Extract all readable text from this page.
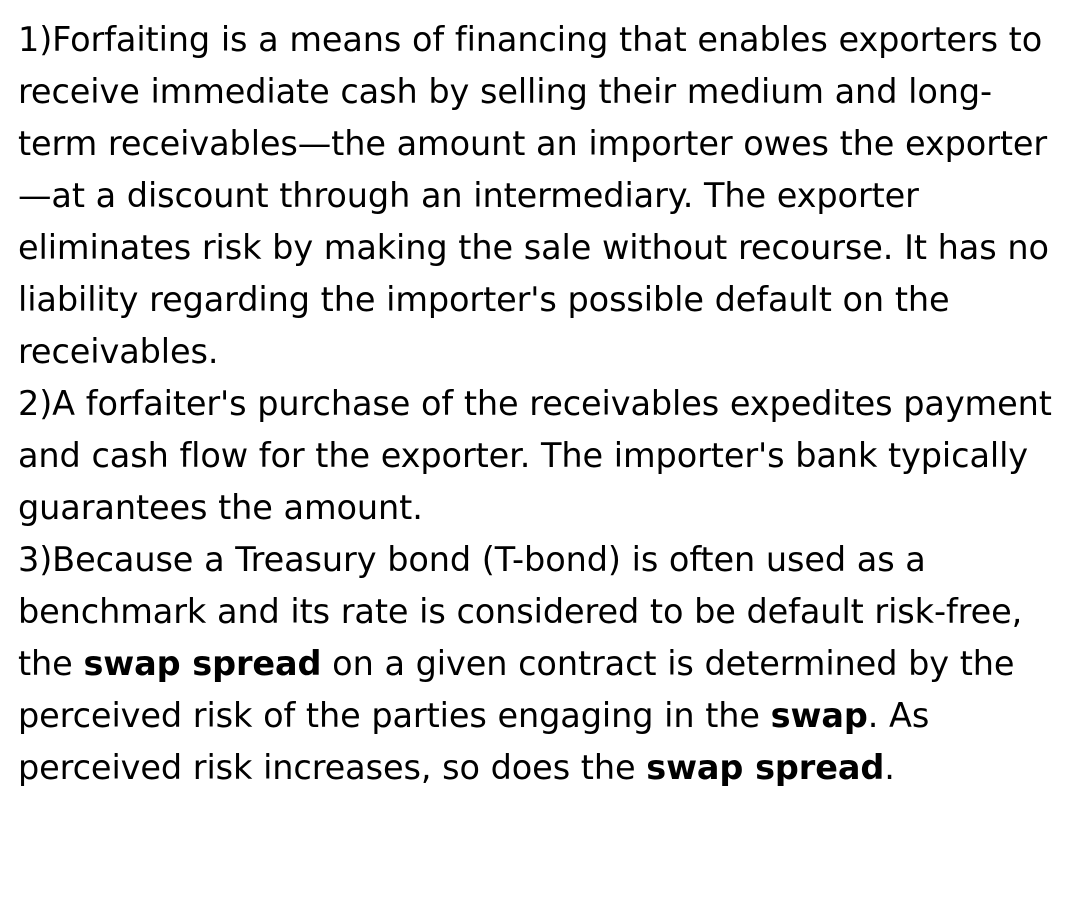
1)Forfaiting is a means of financing that enables exporters to receive immediate cash by selling their medium and long-term receivables—the amount an importer owes the exporter—at a discount through an intermediary. The exporter eliminates risk by making the sale without recourse. It has no liability regarding the importer's possible default on the receivables.
2)A forfaiter's purchase of the receivables expedites payment and cash flow for the exporter. The importer's bank typically guarantees the amount.
3)Because a Treasury bond (T-bond) is often used as a benchmark and its rate is considered to be default risk-free, the swap spread on a given contract is determined by the perceived risk of the parties engaging in the swap. As perceived risk increases, so does the swap spread.
